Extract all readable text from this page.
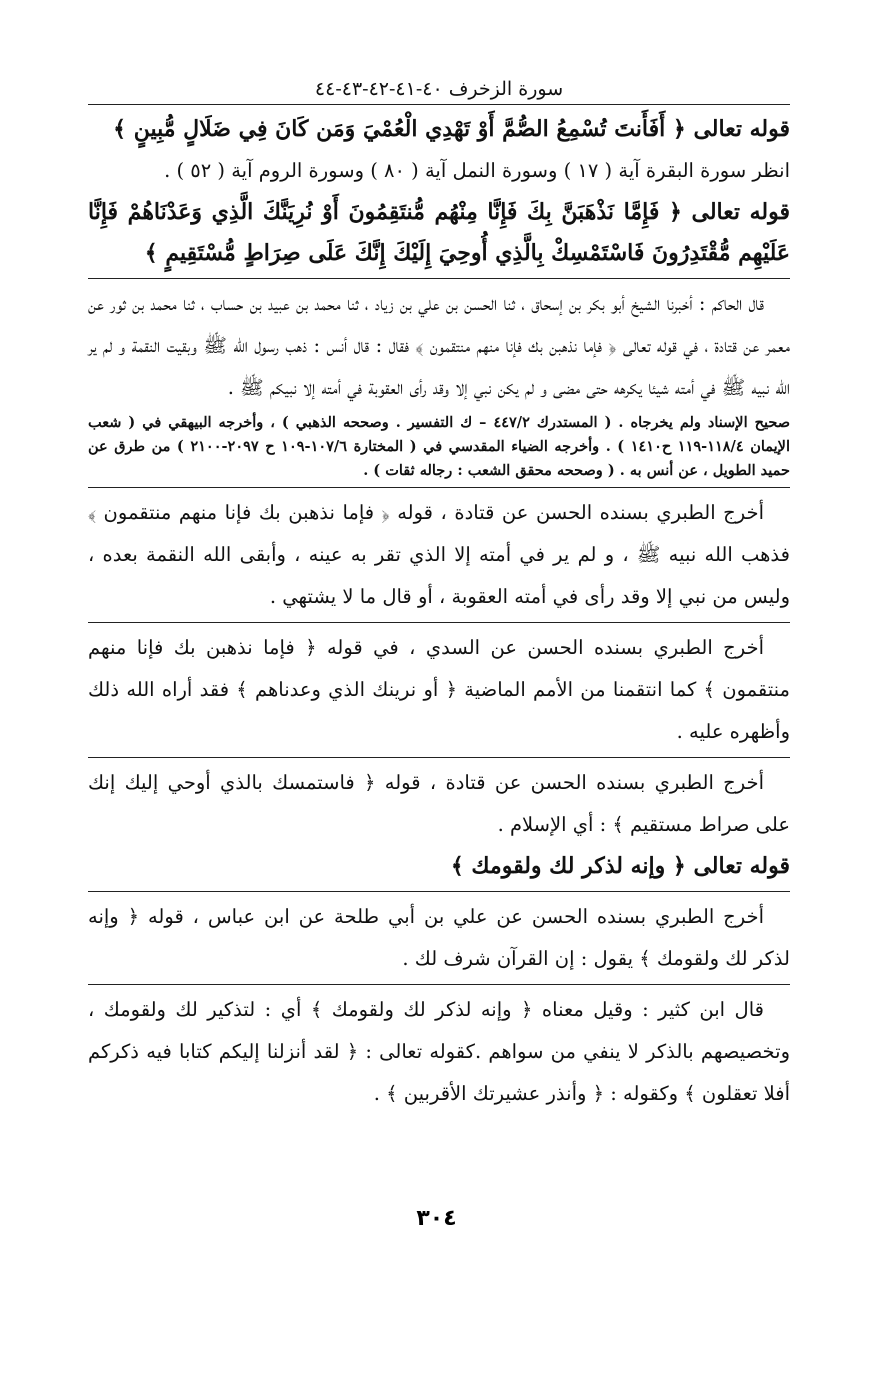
سورة الزخرف ٤٠-٤١-٤٢-٤٣-٤٤
قوله تعالى ﴿ أَفَأَنتَ تُسْمِعُ الصُّمَّ أَوْ تَهْدِي الْعُمْيَ وَمَن كَانَ فِي ضَلَالٍ مُّبِينٍ ﴾
انظر سورة البقرة آية ( ١٧ ) وسورة النمل آية ( ٨٠ ) وسورة الروم آية ( ٥٢ ) .
قوله تعالى ﴿ فَإِمَّا نَذْهَبَنَّ بِكَ فَإِنَّا مِنْهُم مُّنتَقِمُونَ أَوْ نُرِيَنَّكَ الَّذِي وَعَدْنَاهُمْ فَإِنَّا عَلَيْهِم مُّقْتَدِرُونَ فَاسْتَمْسِكْ بِالَّذِي أُوحِيَ إِلَيْكَ إِنَّكَ عَلَى صِرَاطٍ مُّسْتَقِيمٍ ﴾
قال الحاكم : أخبرنا الشيخ أبو بكر بن إسحاق ، ثنا الحسن بن علي بن زياد ، ثنا محمد بن عبيد بن حساب ، ثنا محمد بن ثور عن معمر عن قتادة ، في قوله تعالى ﴿ فإما نذهبن بك فإنا منهم منتقمون ﴾ فقال : قال أنس : ذهب رسول الله ﷺ وبقيت النقمة و لم ير الله نبيه ﷺ في أمته شيئا يكرهه حتى مضى و لم يكن نبي إلا وقد رأى العقوبة في أمته إلا نبيكم ﷺ .
صحيح الإسناد ولم يخرجاه . ( المستدرك ٤٤٧/٢ – ك التفسير . وصححه الذهبي ) ، وأخرجه البيهقي في ( شعب الإيمان ١١٨/٤-١١٩ ح١٤١٠ ) . وأخرجه الضياء المقدسي في ( المختارة ١٠٧/٦-١٠٩ ح ٢٠٩٧-٢١٠٠ ) من طرق عن حميد الطويل ، عن أنس به . ( وصححه محقق الشعب : رجاله ثقات ) .
أخرج الطبري بسنده الحسن عن قتادة ، قوله ﴿ فإما نذهبن بك فإنا منهم منتقمون ﴾ فذهب الله نبيه ﷺ ، و لم ير في أمته إلا الذي تقر به عينه ، وأبقى الله النقمة بعده ، وليس من نبي إلا وقد رأى في أمته العقوبة ، أو قال ما لا يشتهي .
أخرج الطبري بسنده الحسن عن السدي ، في قوله ﴿ فإما نذهبن بك فإنا منهم منتقمون ﴾ كما انتقمنا من الأمم الماضية ﴿ أو نرينك الذي وعدناهم ﴾ فقد أراه الله ذلك وأظهره عليه .
أخرج الطبري بسنده الحسن عن قتادة ، قوله ﴿ فاستمسك بالذي أوحي إليك إنك على صراط مستقيم ﴾ : أي الإسلام .
قوله تعالى ﴿ وإنه لذكر لك ولقومك ﴾
أخرج الطبري بسنده الحسن عن علي بن أبي طلحة عن ابن عباس ، قوله ﴿ وإنه لذكر لك ولقومك ﴾ يقول : إن القرآن شرف لك .
قال ابن كثير : وقيل معناه ﴿ وإنه لذكر لك ولقومك ﴾ أي : لتذكير لك ولقومك ، وتخصيصهم بالذكر لا ينفي من سواهم .كقوله تعالى : ﴿ لقد أنزلنا إليكم كتابا فيه ذكركم أفلا تعقلون ﴾ وكقوله : ﴿ وأنذر عشيرتك الأقربين ﴾ .
٣٠٤
